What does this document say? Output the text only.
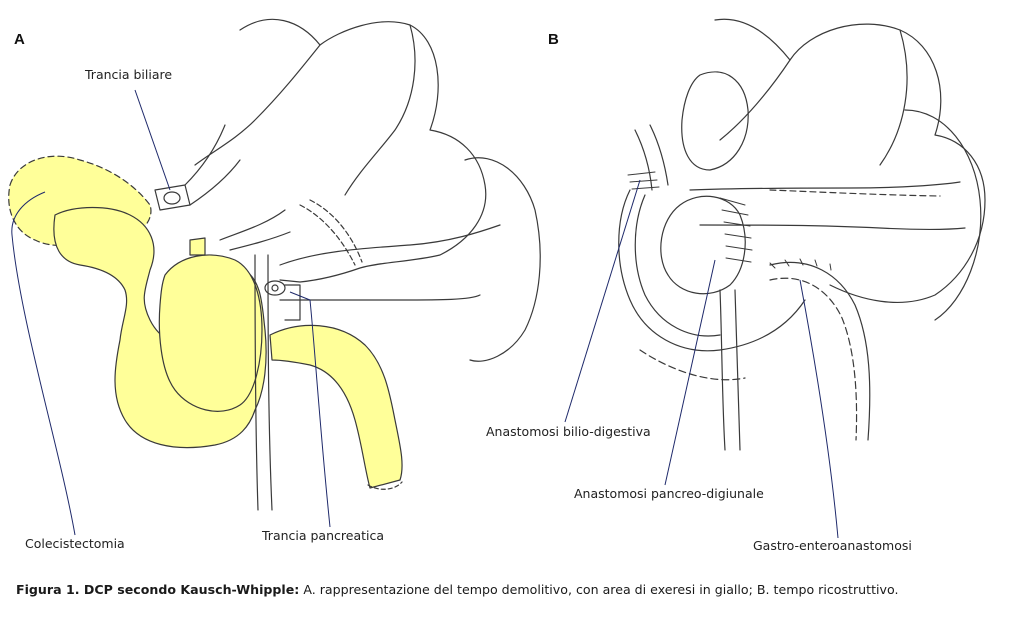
A	B
Trancia biliare
Colecistectomia
Trancia pancreatica
Anastomosi bilio-digestiva
Anastomosi pancreo-digiunale
Gastro-enteroanastomosi
Figura 1. DCP secondo Kausch-Whipple: A. rappresentazione del tempo demolitivo, con area di exeresi in giallo; B. tempo ricostruttivo.
